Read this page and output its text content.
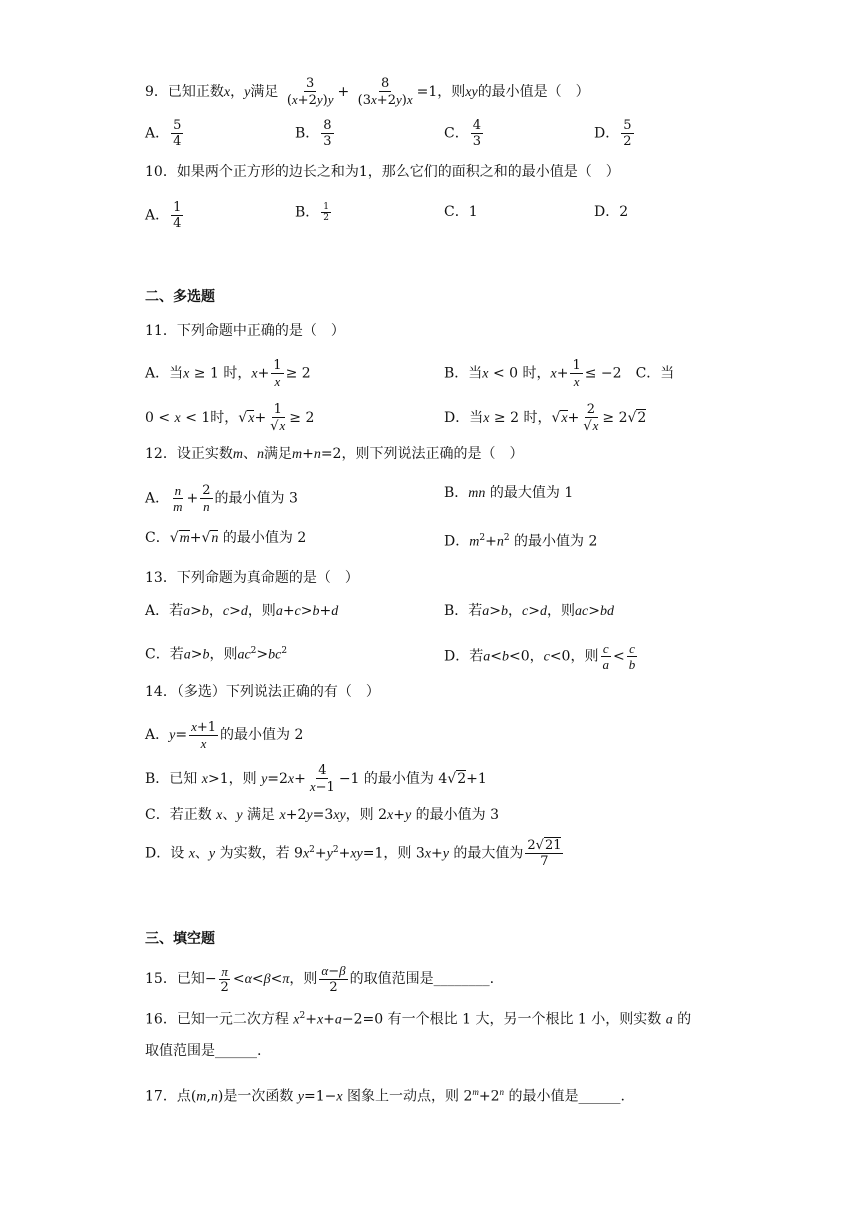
9．已知正数x，y满足 $\frac{3}{(x+2y)y} + \frac{8}{(3x+2y)x} =1$，则xy的最小值是（　）
A． $\frac{5}{4}$	B． $\frac{8}{3}$	C． $\frac{4}{3}$	D． $\frac{5}{2}$
10．如果两个正方形的边长之和为1，那么它们的面积之和的最小值是（　）
A． $\frac{1}{4}$	B． $\frac{1}{2}$	C．1	D．2
二、多选题
11．下列命题中正确的是（　）
A．当x ≥ 1 时，$x+ \frac{1}{x} \ge 2$	B．当x < 0 时，$x+ \frac{1}{x} \le -2$　C．当
0 < x < 1时，$√x+ \frac{1}{√x} \ge 2$	D．当x ≥ 2 时，$√x+ \frac{2}{√x} \ge 2√2$
12．设正实数m、n满足m+n=2，则下列说法正确的是（　）
A． $\frac{n}{m} + \frac{2}{n}$ 的最小值为 3	B．mn 的最大值为 1
C．√m+√n 的最小值为 2	D．$m^2+n^2$ 的最小值为 2
13．下列命题为真命题的是（　）
A．若a>b，c>d，则a+c>b+d	B．若a>b，c>d，则ac>bd
C．若a>b，则$ac^2>bc^2$	D．若a<b<0，c<0，则 $\frac{c}{a} < \frac{c}{b}$
14．（多选）下列说法正确的有（　）
A．$y= \frac{x+1}{x}$ 的最小值为 2
B．已知 x>1，则 $y=2x+ \frac{4}{x-1} -1$ 的最小值为 4√2+1
C．若正数 x、y 满足 x+2y=3xy，则 2x+y 的最小值为 3
D．设 x、y 为实数，若 $9x^2+y^2+xy=1$，则 3x+y 的最大值为 $\frac{2√21}{7}$
三、填空题
15．已知− $\frac{\pi}{2} <\alpha<\beta<\pi$，则 $\frac{\alpha-\beta}{2}$ 的取值范围是________.
16．已知一元二次方程 $x^2+x+a-2=0$ 有一个根比 1 大，另一个根比 1 小，则实数 a 的
取值范围是______.
17．点(m,n)是一次函数 y=1−x 图象上一动点，则 $2^m+2^n$ 的最小值是______.
